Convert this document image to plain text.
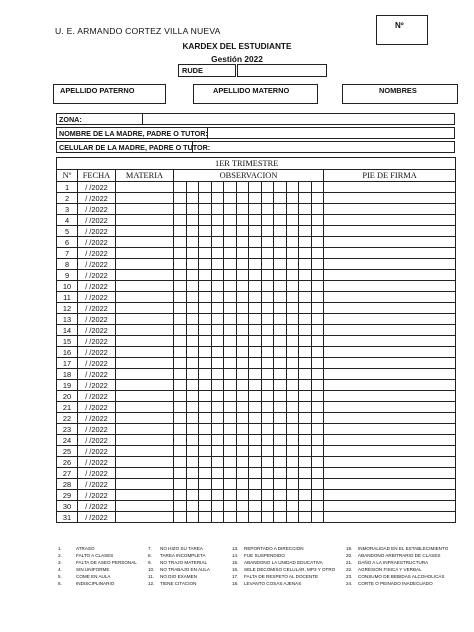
U. E. ARMANDO CORTEZ VILLA NUEVA
Nº
KARDEX DEL ESTUDIANTE
Gestión 2022
RUDE
APELLIDO PATERNO	APELLIDO MATERNO	NOMBRES
ZONA:
NOMBRE DE LA MADRE, PADRE O TUTOR:
CELULAR DE LA MADRE, PADRE O TUTOR:
1ER TRIMESTRE															
Nº	FECHA	MATERIA	OBSERVACION												PIE DE FIRMA
1	/ /2022														
2	/ /2022														
3	/ /2022														
4	/ /2022														
5	/ /2022														
6	/ /2022														
7	/ /2022														
8	/ /2022														
9	/ /2022														
10	/ /2022														
11	/ /2022														
12	/ /2022														
13	/ /2022														
14	/ /2022														
15	/ /2022														
16	/ /2022														
17	/ /2022														
18	/ /2022														
19	/ /2022														
20	/ /2022														
21	/ /2022														
22	/ /2022														
23	/ /2022														
24	/ /2022														
25	/ /2022														
26	/ /2022														
27	/ /2022														
28	/ /2022														
29	/ /2022														
30	/ /2022														
31	/ /2022														
1.	ATRASO
2.	FALTO A CLASES
3.	FALTA DE ASEO PERSONAL
4.	SIN UNIFORME
5.	COME EN AULA
6.	INDISCIPLINARIO
7.	NO HIZO SU TAREA
8.	TAREA INCOMPLETA
9.	NO TRAJO MATERIAL
10.	NO TRABAJO EN AULA
11.	NO DIO EXAMEN
12.	TIENE CITACION
13.	REPORTADO A DIRECCION
14.	FUE SUSPENDIDO
15.	ABANDONO LA UNIDAD EDUCATIVA
16.	SELE DECOMISO CELULAR, MP3 Y OTRO
17.	FALTA DE RESPETO AL DOCENTE
18.	LEVANTO COSAS AJENAS
19.	INMORALIDAD EN EL ESTABLECIMIENTO
20.	ABANDONO ARBITRARIO DE CLASES
21.	DAÑO A LA INFRAESTRUCTURA
22.	AGRESION FISICA Y VERBAL
23.	CONSUMO DE BEBIDAS ALCOHOLICAS
24.	CORTE O PEINADO INADECUADO
